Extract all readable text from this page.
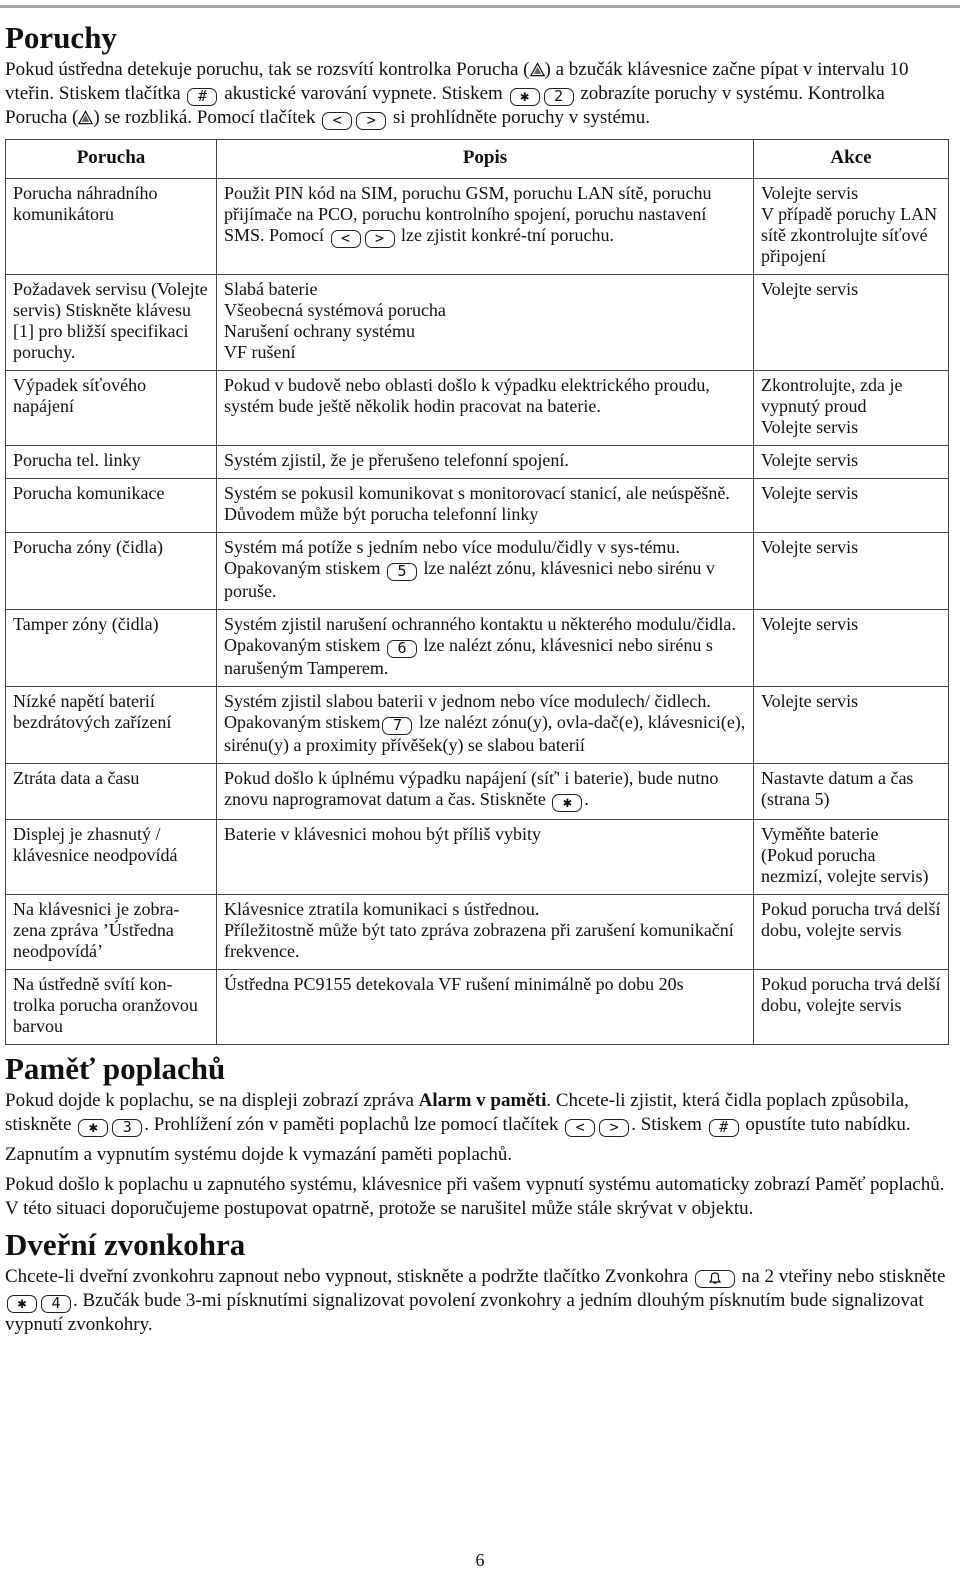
Poruchy

Pokud ústředna detekuje poruchu, tak se rozsvítí kontrolka Porucha ( ) a bzučák klávesnice začne pípat v intervalu 10 vteřin. Stiskem tlačítka # akustické varování vypnete. Stiskem ✱ 2 zobrazíte poruchy v systému. Kontrolka Porucha ( ) se rozbliká. Pomocí tlačítek < > si prohlídněte poruchy v systému.

Porucha	Popis	Akce
Porucha náhradního komunikátoru	Použit PIN kód na SIM, poruchu GSM, poruchu LAN sítě, poruchu přijímače na PCO, poruchu kontrolního spojení, poruchu nastavení SMS. Pomocí < > lze zjistit konkré-tní poruchu.	Volejte servis
V případě poruchy LAN sítě zkontrolujte síťové připojení

Požadavek servisu (Volejte servis) Stiskněte klávesu [1] pro bližší specifikaci poruchy.	Slabá baterie
Všeobecná systémová porucha
Narušení ochrany systému
VF rušení	Volejte servis
Výpadek síťového napájení	Pokud v budově nebo oblasti došlo k výpadku elektrického proudu, systém bude ještě několik hodin pracovat na baterie.	Zkontrolujte, zda je vypnutý proud
Volejte servis

Porucha tel. linky	Systém zjistil, že je přerušeno telefonní spojení.	Volejte servis
Porucha komunikace	Systém se pokusil komunikovat s monitorovací stanicí, ale neúspěšně. Důvodem může být porucha telefonní linky	Volejte servis
Porucha zóny (čidla)	Systém má potíže s jedním nebo více modulu/čidly v sys-tému.
Opakovaným stiskem 5 lze nalézt zónu, klávesnici nebo sirénu v poruše.	Volejte servis
Tamper zóny (čidla)	Systém zjistil narušení ochranného kontaktu u některého modulu/čidla. Opakovaným stiskem 6 lze nalézt zónu, klávesnici nebo sirénu s narušeným Tamperem.	Volejte servis
Nízké napětí baterií bezdrátových zařízení	Systém zjistil slabou baterii v jednom nebo více modulech/ čidlech. Opakovaným stiskem 7 lze nalézt zónu(y), ovla-dač(e), klávesnici(e), sirénu(y) a proximity přívěšek(y) se slabou baterií	Volejte servis
Ztráta data a času	Pokud došlo k úplnému výpadku napájení (síť' i baterie), bude nutno znovu naprogramovat datum a čas. Stiskněte ✱ .	Nastavte datum a čas (strana 5)
Displej je zhasnutý / klávesnice neodpovídá	Baterie v klávesnici mohou být příliš vybity	Vyměňte baterie
(Pokud porucha nezmizí, volejte servis)

Na klávesnici je zobra-zena zpráva ’Ústředna neodpovídá’	Klávesnice ztratila komunikaci s ústřednou.
Příležitostně může být tato zpráva zobrazena při zarušení komunikační frekvence.	Pokud porucha trvá delší dobu, volejte servis
Na ústředně svítí kon-trolka porucha oranžovou barvou	Ústředna PC9155 detekovala VF rušení minimálně po dobu 20s	Pokud porucha trvá delší dobu, volejte servis
Paměť poplachů

Pokud dojde k poplachu, se na displeji zobrazí zpráva Alarm v paměti. Chcete-li zjistit, která čidla poplach způsobila, stiskněte ✱ 3 . Prohlížení zón v paměti poplachů lze pomocí tlačítek < > . Stiskem # opustíte tuto nabídku.

Zapnutím a vypnutím systému dojde k vymazání paměti poplachů.

Pokud došlo k poplachu u zapnutého systému, klávesnice při vašem vypnutí systému automaticky zobrazí Paměť poplachů. V této situaci doporučujeme postupovat opatrně, protože se narušitel může stále skrývat v objektu.

Dveřní zvonkohra

Chcete-li dveřní zvonkohru zapnout nebo vypnout, stiskněte a podržte tlačítko Zvonkohra	na 2 vteřiny nebo stiskněte ✱ 4 . Bzučák bude 3-mi písknutími signalizovat povolení zvonkohry a jedním dlouhým písknutím bude signalizovat vypnutí zvonkohry.

6
